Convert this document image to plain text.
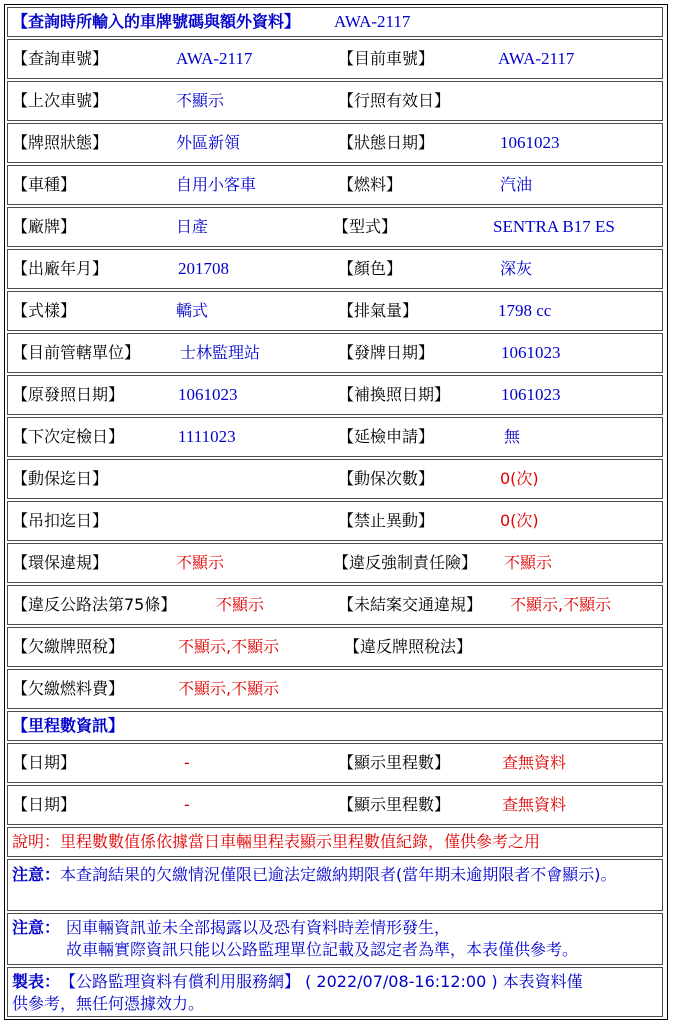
【查詢時所輸入的車牌號碼與額外資料】 AWA-2117
【查詢車號】	AWA-2117	【目前車號】	AWA-2117
【上次車號】	不顯示	【行照有效日】
【牌照狀態】	外區新領	【狀態日期】	1061023
【車種】	自用小客車	【燃料】	汽油
【廠牌】	日產	【型式】	SENTRA B17 ES
【出廠年月】	201708	【顏色】	深灰
【式樣】	轎式	【排氣量】	1798 cc
【目前管轄單位】 士林監理站	【發牌日期】	1061023
【原發照日期】	1061023	【補換照日期】	1061023
【下次定檢日】	1111023	【延檢申請】	無
【動保迄日】	【動保次數】	0(次)
【吊扣迄日】	【禁止異動】	0(次)
【環保違規】	不顯示	【違反強制責任險】 不顯示
【違反公路法第75條】 不顯示	【未結案交通違規】 不顯示,不顯示
【欠繳牌照稅】	不顯示,不顯示	【違反牌照稅法】
【欠繳燃料費】	不顯示,不顯示
【里程數資訊】
【日期】	-	【顯示里程數】	查無資料
【日期】	-	【顯示里程數】	查無資料
說明：里程數數值係依據當日車輛里程表顯示里程數值紀錄，僅供參考之用
注意：本查詢結果的欠繳情況僅限已逾法定繳納期限者(當年期未逾期限者不會顯示)。
注意： 因車輛資訊並未全部揭露以及恐有資料時差情形發生，
故車輛實際資訊只能以公路監理單位記載及認定者為準，本表僅供參考。
製表： 【公路監理資料有償利用服務網】 ( 2022/07/08-16:12:00 ) 本表資料僅
供參考，無任何憑據效力。
